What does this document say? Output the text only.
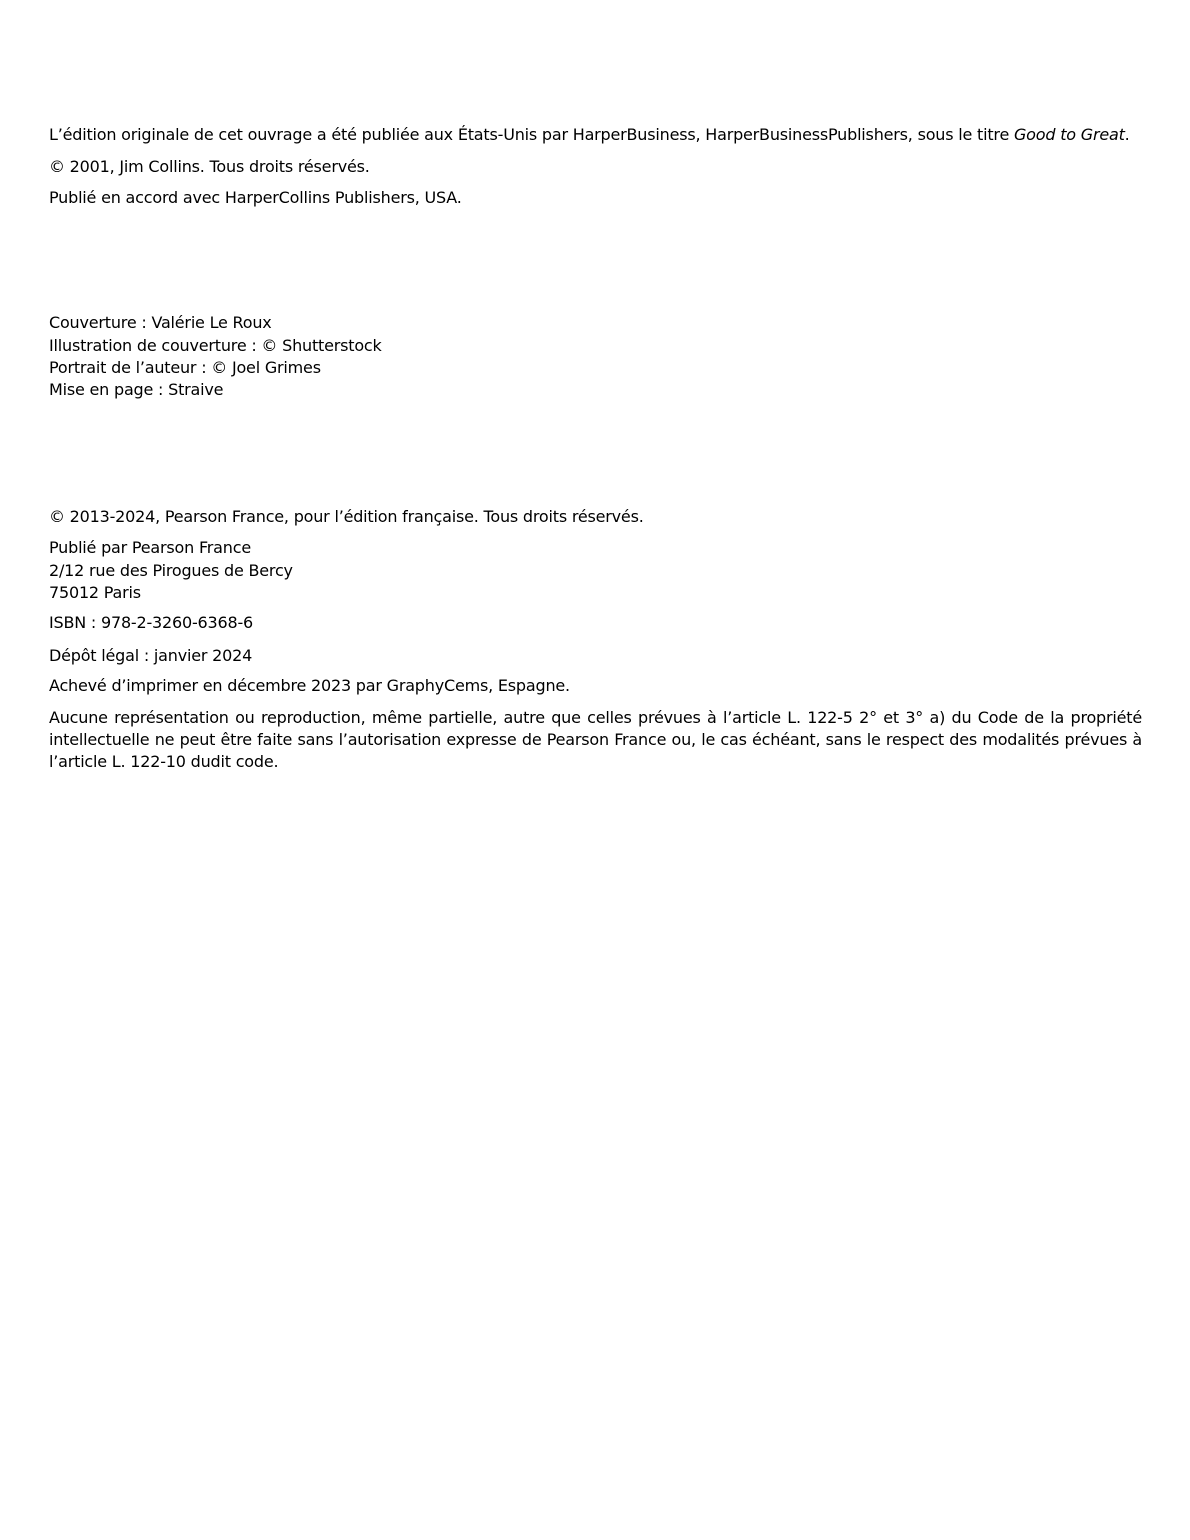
L’édition originale de cet ouvrage a été publiée aux États-Unis par HarperBusiness, HarperBusinessPublishers, sous le titre Good to Great.
© 2001, Jim Collins. Tous droits réservés.
Publié en accord avec HarperCollins Publishers, USA.
Couverture : Valérie Le Roux
Illustration de couverture : © Shutterstock
Portrait de l’auteur : © Joel Grimes
Mise en page : Straive
© 2013-2024, Pearson France, pour l’édition française. Tous droits réservés.
Publié par Pearson France
2/12 rue des Pirogues de Bercy
75012 Paris
ISBN : 978-2-3260-6368-6
Dépôt légal : janvier 2024
Achevé d’imprimer en décembre 2023 par GraphyCems, Espagne.
Aucune représentation ou reproduction, même partielle, autre que celles prévues à l’article L. 122-5 2° et 3° a) du Code de la propriété intellectuelle ne peut être faite sans l’autorisation expresse de Pearson France ou, le cas échéant, sans le respect des modalités prévues à l’article L. 122-10 dudit code.
